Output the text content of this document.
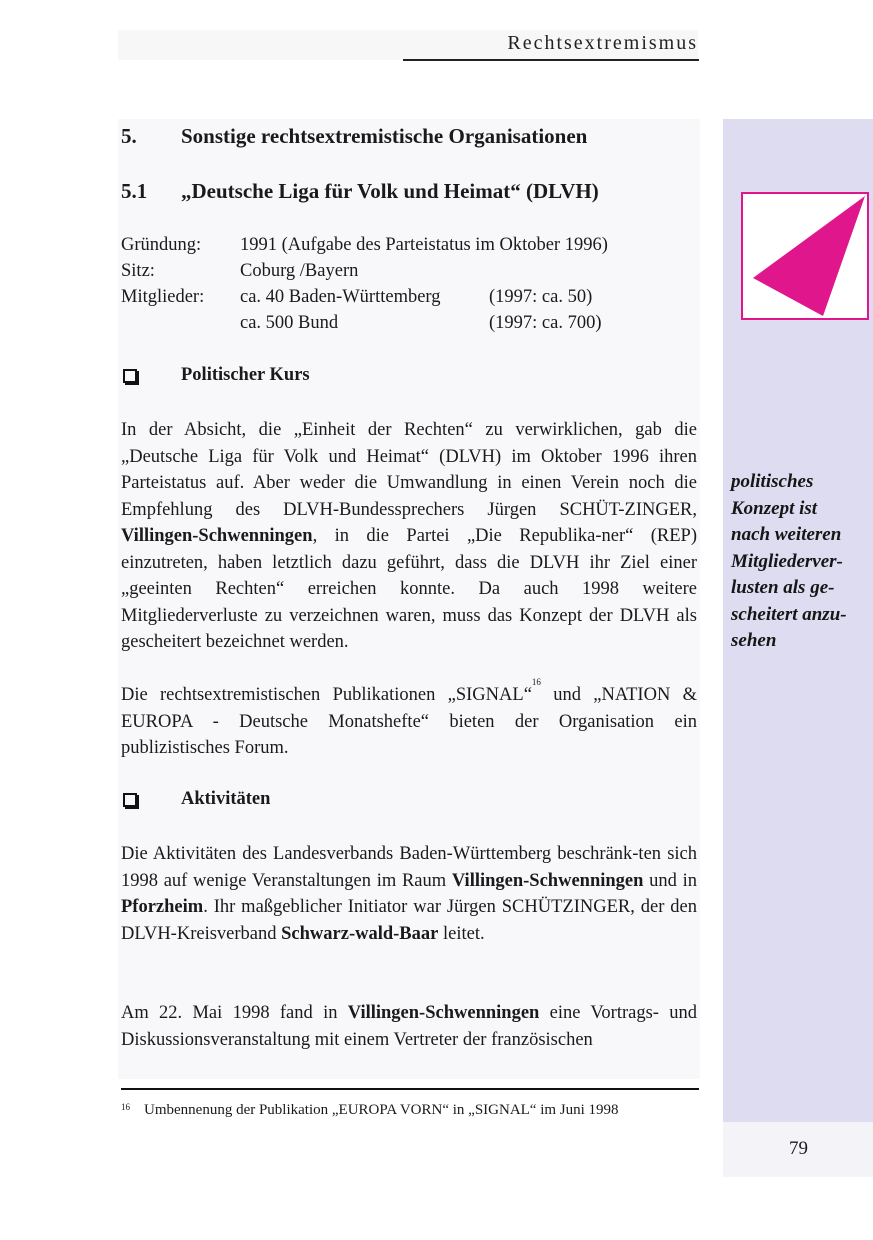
Rechtsextremismus
politisches
Konzept ist
nach weiteren
Mitgliederver-
lusten als ge-
scheitert anzu-
sehen
5. Sonstige rechtsextremistische Organisationen
5.1 „Deutsche Liga für Volk und Heimat“ (DLVH)
Gründung:	1991 (Aufgabe des Parteistatus im Oktober 1996)
Sitz:	Coburg /Bayern
Mitglieder:	ca. 40 Baden-Württemberg	(1997: ca. 50)
ca. 500 Bund	(1997: ca. 700)
Politischer Kurs
In der Absicht, die „Einheit der Rechten“ zu verwirklichen, gab die „Deutsche Liga für Volk und Heimat“ (DLVH) im Oktober 1996 ihren Parteistatus auf. Aber weder die Umwandlung in einen Verein noch die Empfehlung des DLVH-Bundessprechers Jürgen SCHÜT-ZINGER, Villingen-Schwenningen, in die Partei „Die Republika-ner“ (REP) einzutreten, haben letztlich dazu geführt, dass die DLVH ihr Ziel einer „geeinten Rechten“ erreichen konnte. Da auch 1998 weitere Mitgliederverluste zu verzeichnen waren, muss das Konzept der DLVH als gescheitert bezeichnet werden.
Die rechtsextremistischen Publikationen „SIGNAL“$^{16}$ und „NATION & EUROPA - Deutsche Monatshefte“ bieten der Organisation ein publizistisches Forum.
Aktivitäten
Die Aktivitäten des Landesverbands Baden-Württemberg beschränk-ten sich 1998 auf wenige Veranstaltungen im Raum Villingen-Schwenningen und in Pforzheim. Ihr maßgeblicher Initiator war Jürgen SCHÜTZINGER, der den DLVH-Kreisverband Schwarz-wald-Baar leitet.
Am 22. Mai 1998 fand in Villingen-Schwenningen eine Vortrags- und Diskussionsveranstaltung mit einem Vertreter der französischen
$^{16}$ Umbennenung der Publikation „EUROPA VORN“ in „SIGNAL“ im Juni 1998
79
